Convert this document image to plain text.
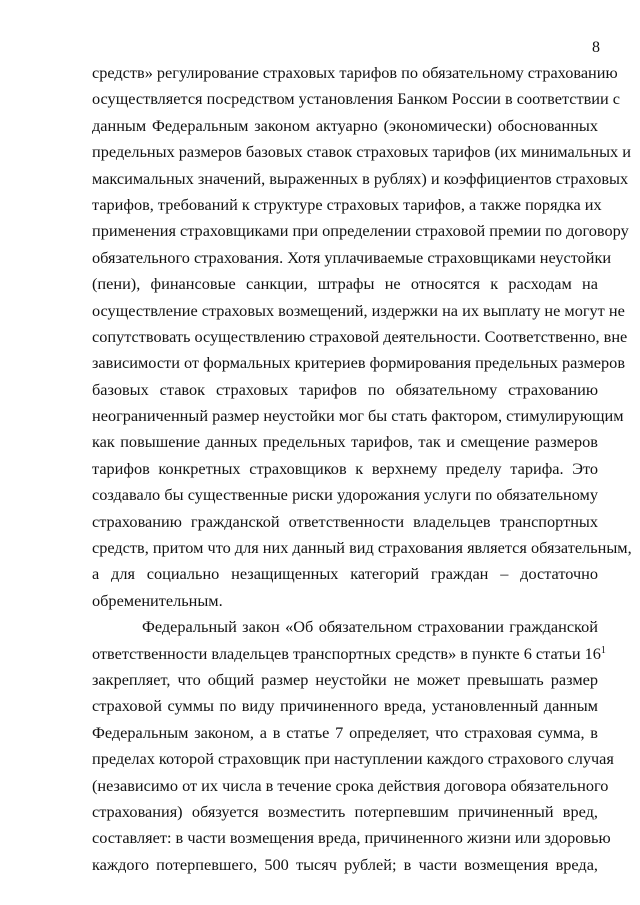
8
средств» регулирование страховых тарифов по обязательному страхованию
осуществляется посредством установления Банком России в соответствии с
данным Федеральным законом актуарно (экономически) обоснованных
предельных размеров базовых ставок страховых тарифов (их минимальных и
максимальных значений, выраженных в рублях) и коэффициентов страховых
тарифов, требований к структуре страховых тарифов, а также порядка их
применения страховщиками при определении страховой премии по договору
обязательного страхования. Хотя уплачиваемые страховщиками неустойки
(пени), финансовые санкции, штрафы не относятся к расходам на
осуществление страховых возмещений, издержки на их выплату не могут не
сопутствовать осуществлению страховой деятельности. Соответственно, вне
зависимости от формальных критериев формирования предельных размеров
базовых ставок страховых тарифов по обязательному страхованию
неограниченный размер неустойки мог бы стать фактором, стимулирующим
как повышение данных предельных тарифов, так и смещение размеров
тарифов конкретных страховщиков к верхнему пределу тарифа. Это
создавало бы существенные риски удорожания услуги по обязательному
страхованию гражданской ответственности владельцев транспортных
средств, притом что для них данный вид страхования является обязательным,
а для социально незащищенных категорий граждан – достаточно
обременительным.
Федеральный закон «Об обязательном страховании гражданской
ответственности владельцев транспортных средств» в пункте 6 статьи $16^1$
закрепляет, что общий размер неустойки не может превышать размер
страховой суммы по виду причиненного вреда, установленный данным
Федеральным законом, а в статье 7 определяет, что страховая сумма, в
пределах которой страховщик при наступлении каждого страхового случая
(независимо от их числа в течение срока действия договора обязательного
страхования) обязуется возместить потерпевшим причиненный вред,
составляет: в части возмещения вреда, причиненного жизни или здоровью
каждого потерпевшего, 500 тысяч рублей; в части возмещения вреда,
